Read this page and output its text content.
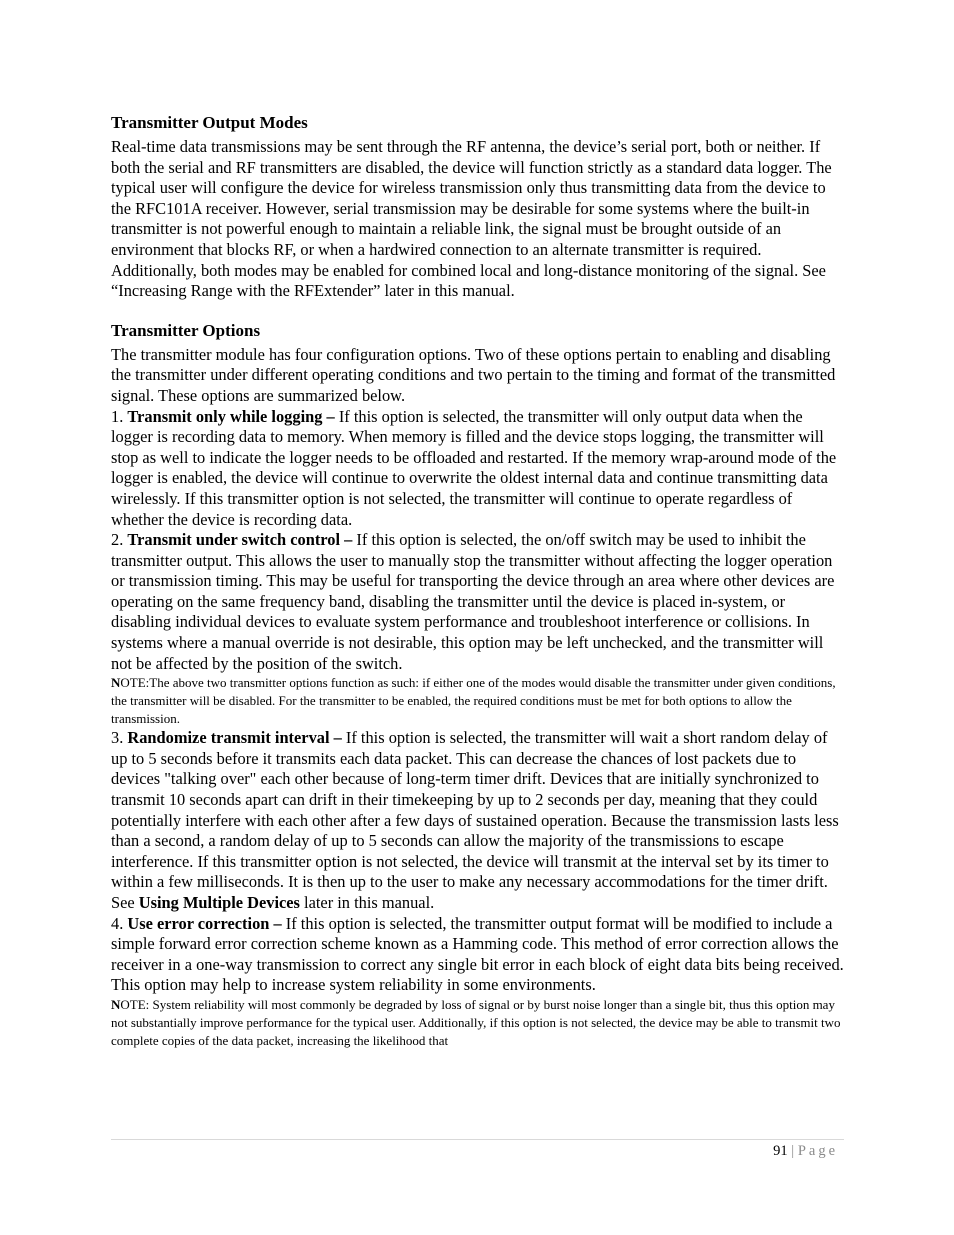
Transmitter Output Modes

Real-time data transmissions may be sent through the RF antenna, the device’s serial port, both or neither. If both the serial and RF transmitters are disabled, the device will function strictly as a standard data logger. The typical user will configure the device for wireless transmission only thus transmitting data from the device to the RFC101A receiver. However, serial transmission may be desirable for some systems where the built-in transmitter is not powerful enough to maintain a reliable link, the signal must be brought outside of an environment that blocks RF, or when a hardwired connection to an alternate transmitter is required. Additionally, both modes may be enabled for combined local and long-distance monitoring of the signal. See “Increasing Range with the RFExtender” later in this manual.

Transmitter Options

The transmitter module has four configuration options. Two of these options pertain to enabling and disabling the transmitter under different operating conditions and two pertain to the timing and format of the transmitted signal. These options are summarized below.

1. Transmit only while logging – If this option is selected, the transmitter will only output data when the logger is recording data to memory. When memory is filled and the device stops logging, the transmitter will stop as well to indicate the logger needs to be offloaded and restarted. If the memory wrap-around mode of the logger is enabled, the device will continue to overwrite the oldest internal data and continue transmitting data wirelessly. If this transmitter option is not selected, the transmitter will continue to operate regardless of whether the device is recording data.

2. Transmit under switch control – If this option is selected, the on/off switch may be used to inhibit the transmitter output. This allows the user to manually stop the transmitter without affecting the logger operation or transmission timing. This may be useful for transporting the device through an area where other devices are operating on the same frequency band, disabling the transmitter until the device is placed in-system, or disabling individual devices to evaluate system performance and troubleshoot interference or collisions. In systems where a manual override is not desirable, this option may be left unchecked, and the transmitter will not be affected by the position of the switch.

NOTE:The above two transmitter options function as such: if either one of the modes would disable the transmitter under given conditions, the transmitter will be disabled. For the transmitter to be enabled, the required conditions must be met for both options to allow the transmission.

3. Randomize transmit interval – If this option is selected, the transmitter will wait a short random delay of up to 5 seconds before it transmits each data packet. This can decrease the chances of lost packets due to devices "talking over" each other because of long-term timer drift. Devices that are initially synchronized to transmit 10 seconds apart can drift in their timekeeping by up to 2 seconds per day, meaning that they could potentially interfere with each other after a few days of sustained operation. Because the transmission lasts less than a second, a random delay of up to 5 seconds can allow the majority of the transmissions to escape interference. If this transmitter option is not selected, the device will transmit at the interval set by its timer to within a few milliseconds. It is then up to the user to make any necessary accommodations for the timer drift. See Using Multiple Devices later in this manual.

4. Use error correction – If this option is selected, the transmitter output format will be modified to include a simple forward error correction scheme known as a Hamming code. This method of error correction allows the receiver in a one-way transmission to correct any single bit error in each block of eight data bits being received. This option may help to increase system reliability in some environments.

NOTE: System reliability will most commonly be degraded by loss of signal or by burst noise longer than a single bit, thus this option may not substantially improve performance for the typical user. Additionally, if this option is not selected, the device may be able to transmit two complete copies of the data packet, increasing the likelihood that

91 | Page
